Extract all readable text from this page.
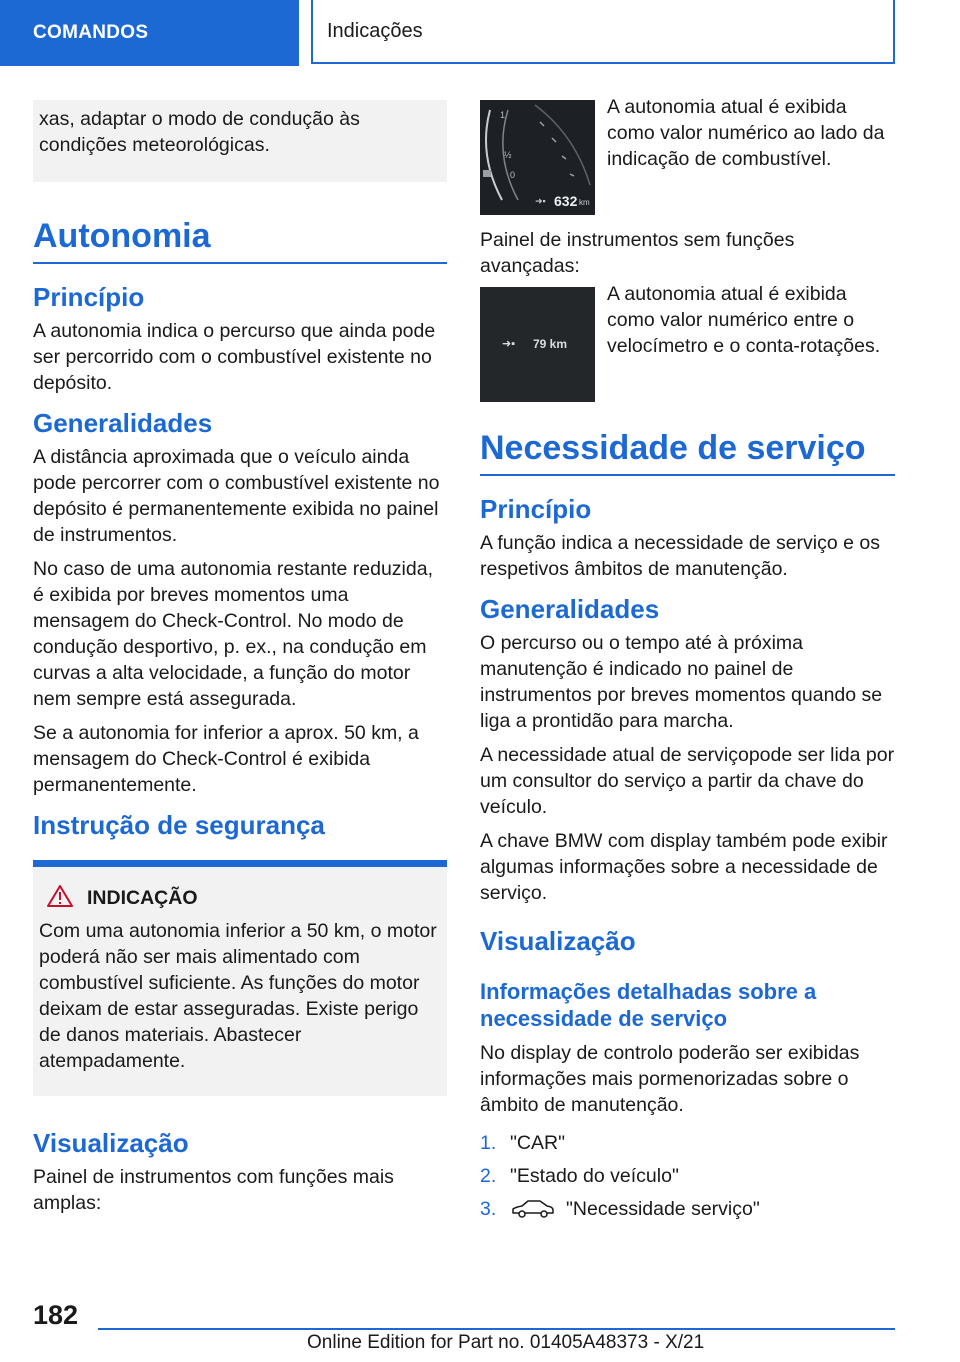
COMANDOS	Indicações

xas, adaptar o modo de condução às condições meteorológicas.

Autonomia
Princípio

A autonomia indica o percurso que ainda pode ser percorrido com o combustível existente no depósito.

Generalidades

A distância aproximada que o veículo ainda pode percorrer com o combustível existente no depósito é permanentemente exibida no painel de instrumentos.

No caso de uma autonomia restante reduzida, é exibida por breves momentos uma mensagem do Check-Control. No modo de condução desportivo, p. ex., na condução em curvas a alta velocidade, a função do motor nem sempre está assegurada.

Se a autonomia for inferior a aprox. 50 km, a mensagem do Check-Control é exibida permanentemente.

Instrução de segurança
INDICAÇÃO

Com uma autonomia inferior a 50 km, o motor poderá não ser mais alimentado com combustível suficiente. As funções do motor deixam de estar asseguradas. Existe perigo de danos materiais. Abastecer atempadamente.

Visualização

Painel de instrumentos com funções mais amplas:

1
½
0
➜▪ 632 km

A autonomia atual é exibida como valor numérico ao lado da indicação de combustível.

Painel de instrumentos sem funções avançadas:

➜▪ 79 km

A autonomia atual é exibida como valor numérico entre o velocímetro e o conta-rotações.

Necessidade de serviço
Princípio

A função indica a necessidade de serviço e os respetivos âmbitos de manutenção.

Generalidades

O percurso ou o tempo até à próxima manutenção é indicado no painel de instrumentos por breves momentos quando se liga a prontidão para marcha.

A necessidade atual de serviçopode ser lida por um consultor do serviço a partir da chave do veículo.

A chave BMW com display também pode exibir algumas informações sobre a necessidade de serviço.

Visualização
Informações detalhadas sobre a necessidade de serviço

No display de controlo poderão ser exibidas informações mais pormenorizadas sobre o âmbito de manutenção.

1. "CAR"
2. "Estado do veículo"
3.	"Necessidade serviço"
182
Online Edition for Part no. 01405A48373 - X/21
